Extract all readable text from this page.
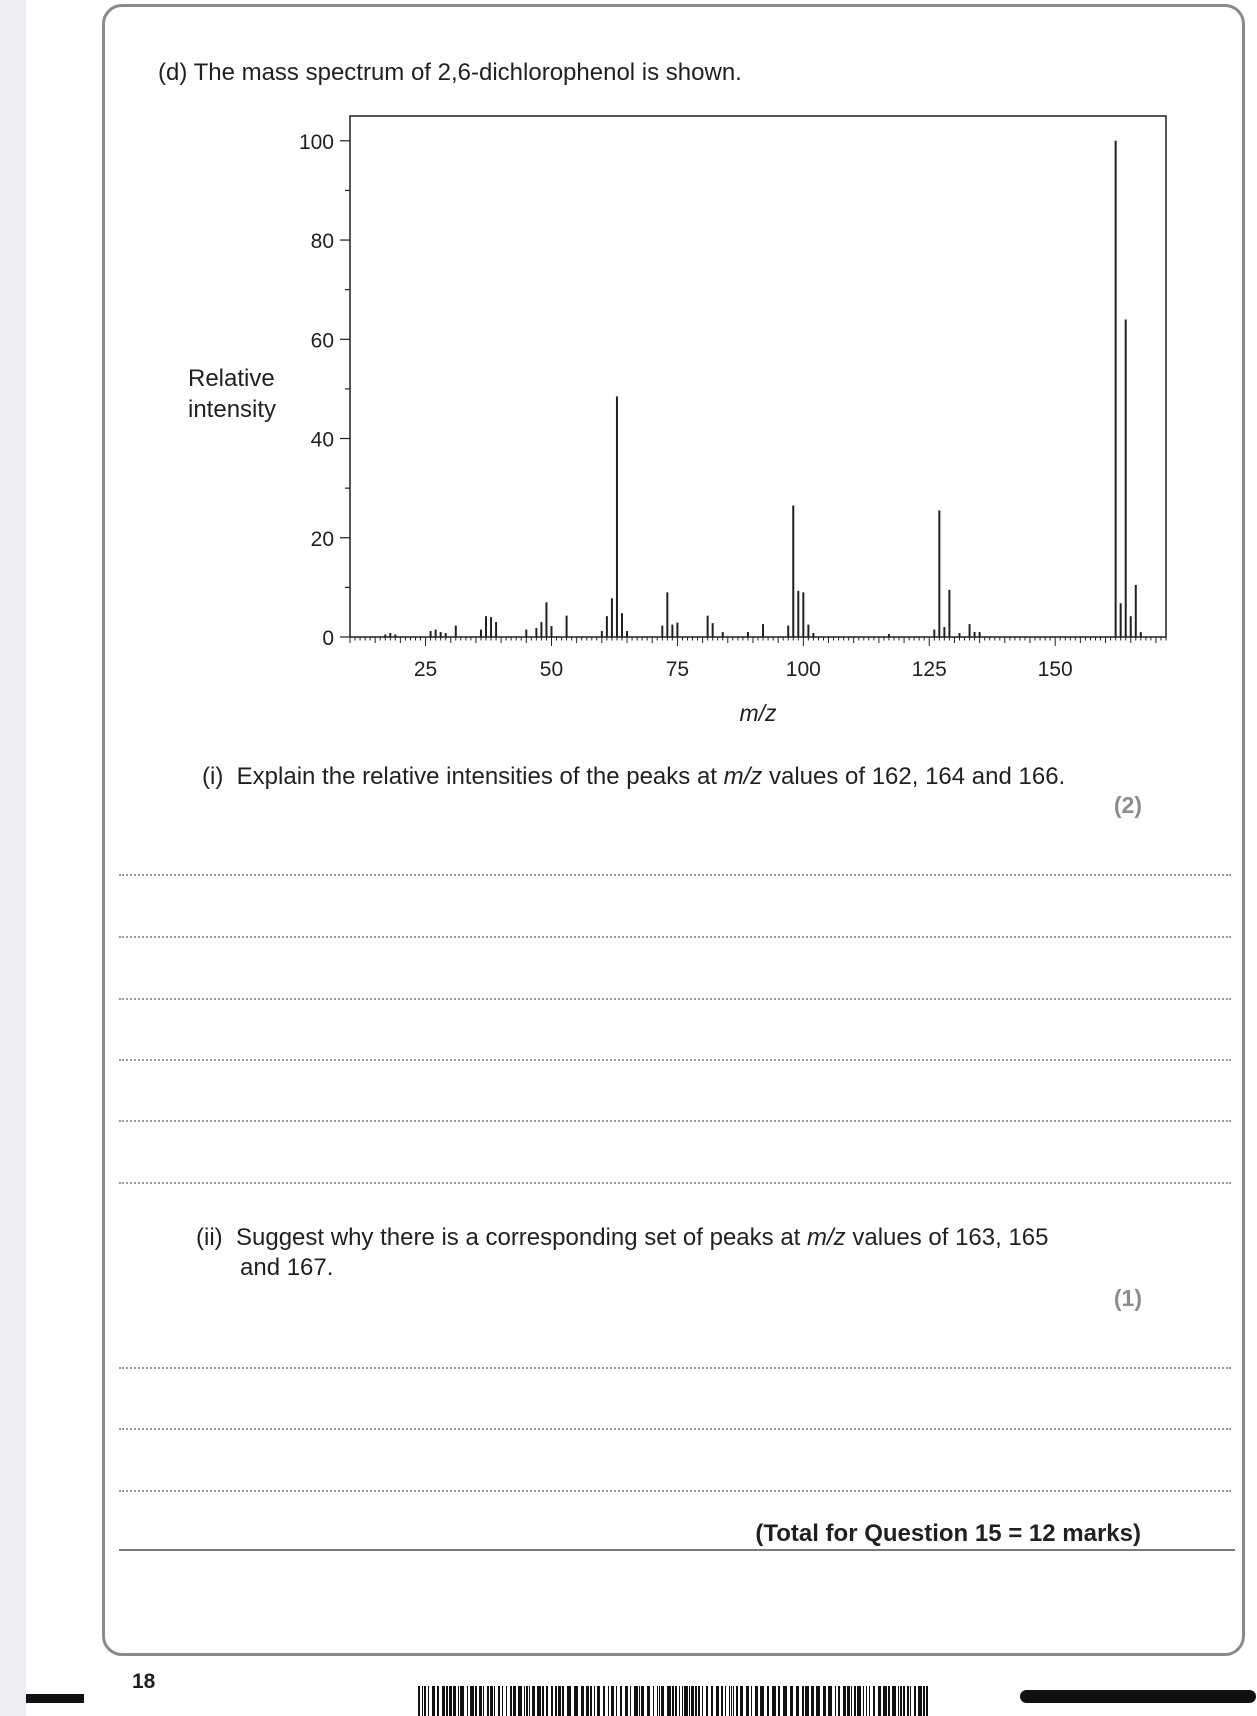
(d) The mass spectrum of 2,6-dichlorophenol is shown.
25	50	75	100	125	150
0
20
40
60
80
100
Relative
intensity
m/z
(i) Explain the relative intensities of the peaks at m/z values of 162, 164 and 166.
(2)
(ii) Suggest why there is a corresponding set of peaks at m/z values of 163, 165
and 167.
(1)
(Total for Question 15 = 12 marks)
18
